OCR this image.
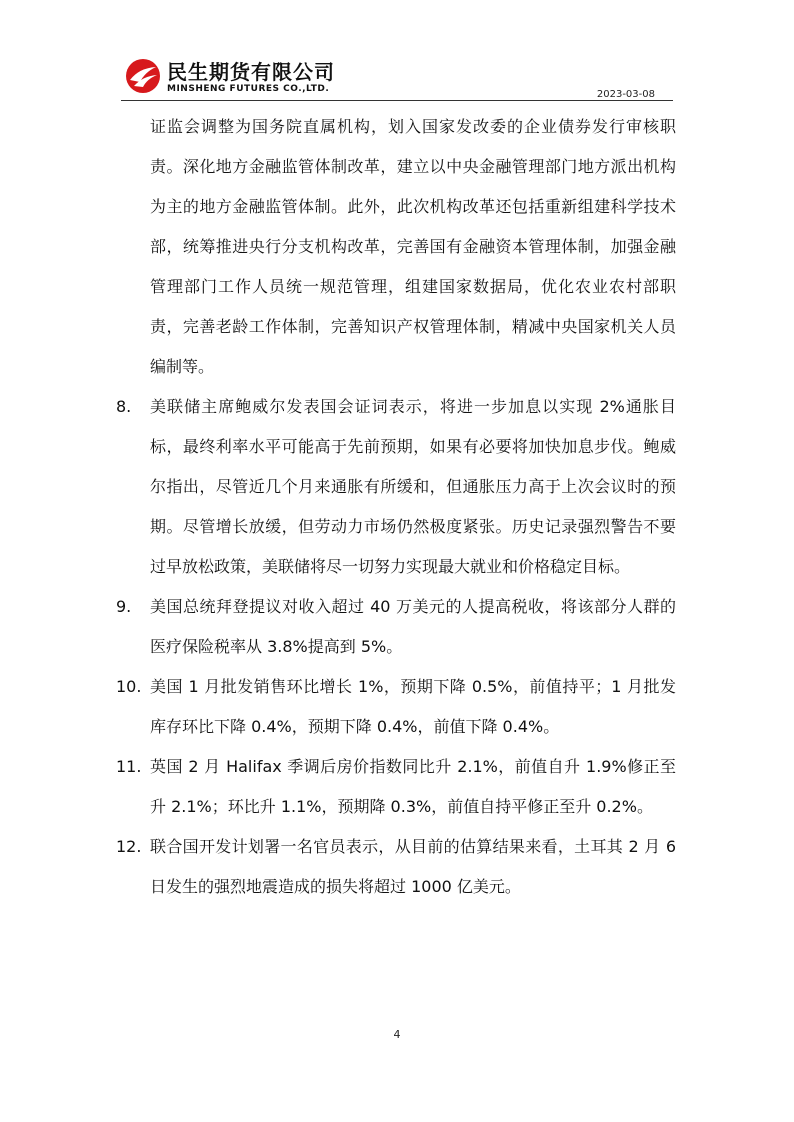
民生期货有限公司
MINSHENG FUTURES CO.,LTD.	2023-03-08

证监会调整为国务院直属机构，划入国家发改委的企业债券发行审核职责。深化地方金融监管体制改革，建立以中央金融管理部门地方派出机构为主的地方金融监管体制。此外，此次机构改革还包括重新组建科学技术部，统筹推进央行分支机构改革，完善国有金融资本管理体制，加强金融管理部门工作人员统一规范管理，组建国家数据局，优化农业农村部职责，完善老龄工作体制，完善知识产权管理体制，精减中央国家机关人员编制等。

8.	美联储主席鲍威尔发表国会证词表示，将进一步加息以实现 2%通胀目标，最终利率水平可能高于先前预期，如果有必要将加快加息步伐。鲍威尔指出，尽管近几个月来通胀有所缓和，但通胀压力高于上次会议时的预期。尽管增长放缓，但劳动力市场仍然极度紧张。历史记录强烈警告不要过早放松政策，美联储将尽一切努力实现最大就业和价格稳定目标。

9.	美国总统拜登提议对收入超过 40 万美元的人提高税收，将该部分人群的医疗保险税率从 3.8%提高到 5%。

10. 美国 1 月批发销售环比增长 1%，预期下降 0.5%，前值持平；1 月批发库存环比下降 0.4%，预期下降 0.4%，前值下降 0.4%。

11. 英国 2 月 Halifax 季调后房价指数同比升 2.1%，前值自升 1.9%修正至升 2.1%；环比升 1.1%，预期降 0.3%，前值自持平修正至升 0.2%。

12. 联合国开发计划署一名官员表示，从目前的估算结果来看，土耳其 2 月 6 日发生的强烈地震造成的损失将超过 1000 亿美元。

4
